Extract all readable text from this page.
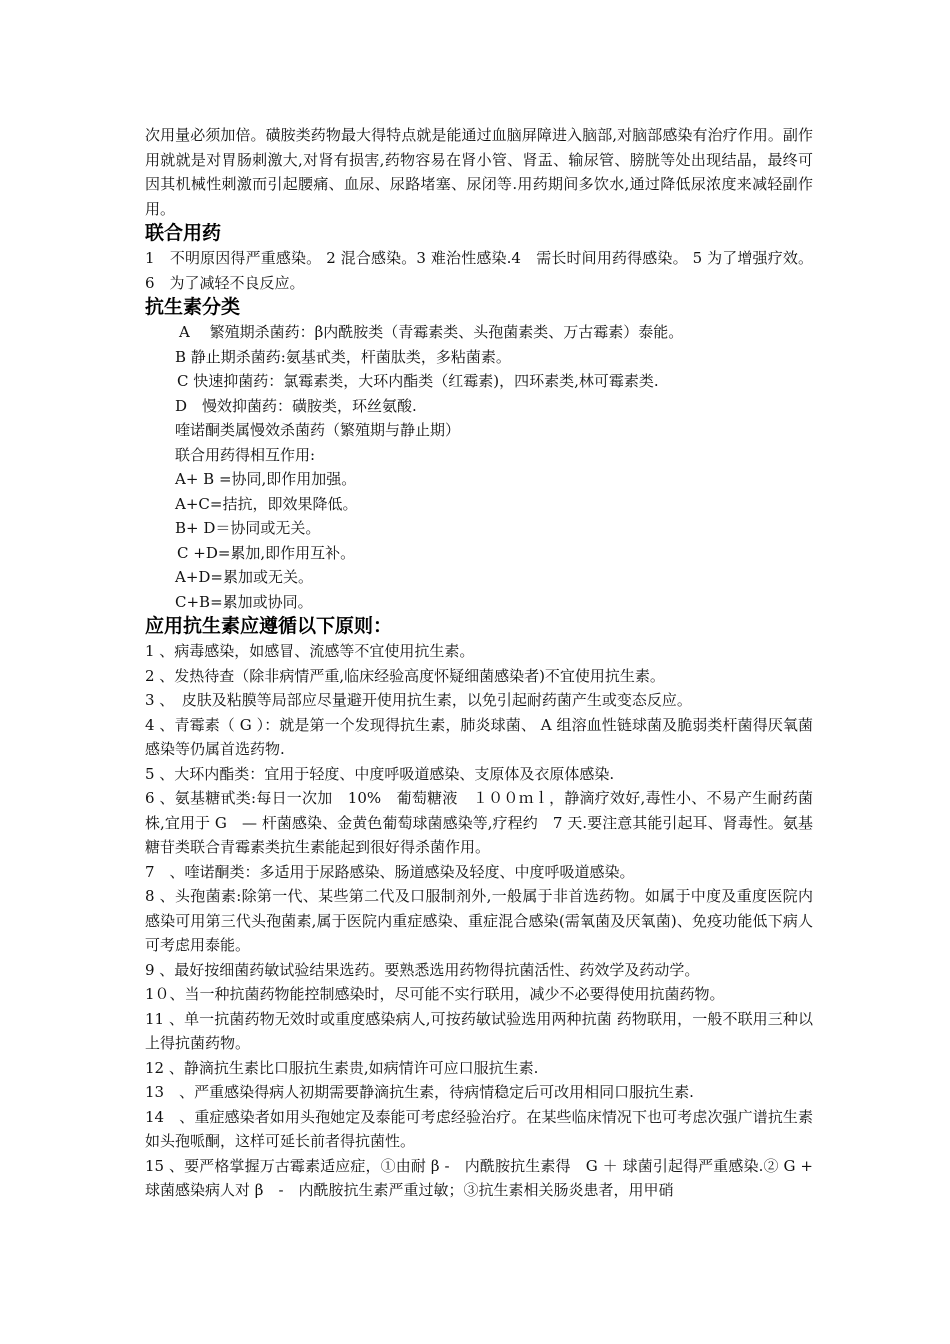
次用量必须加倍。磺胺类药物最大得特点就是能通过血脑屏障进入脑部,对脑部感染有治疗作用。副作用就就是对胃肠刺激大,对肾有损害,药物容易在肾小管、肾盂、输尿管、膀胱等处出现结晶，最终可因其机械性刺激而引起腰痛、血尿、尿路堵塞、尿闭等.用药期间多饮水,通过降低尿浓度来减轻副作用。

联合用药

1　不明原因得严重感染。 2 混合感染。3 难治性感染.4　需长时间用药得感染。 5 为了增强疗效。6　为了减轻不良反应。

抗生素分类

A　 繁殖期杀菌药：β内酰胺类（青霉素类、头孢菌素类、万古霉素）泰能。

B 静止期杀菌药:氨基甙类，杆菌肽类，多粘菌素。

C 快速抑菌药：氯霉素类，大环内酯类（红霉素)，四环素类,林可霉素类.

D　慢效抑菌药：磺胺类，环丝氨酸.

喹诺酮类属慢效杀菌药（繁殖期与静止期）

联合用药得相互作用:

A+ B =协同,即作用加强。

A+C=拮抗，即效果降低。

B+ D＝协同或无关。

C +D=累加,即作用互补。

A+D=累加或无关。

C+B=累加或协同。

应用抗生素应遵循以下原则：

1 、病毒感染，如感冒、流感等不宜使用抗生素。

2 、发热待查（除非病情严重,临床经验高度怀疑细菌感染者)不宜使用抗生素。

3 、　皮肤及粘膜等局部应尽量避开使用抗生素，以免引起耐药菌产生或变态反应。

4 、青霉素（ G ）：就是第一个发现得抗生素，肺炎球菌、 A 组溶血性链球菌及脆弱类杆菌得厌氧菌感染等仍属首选药物.

5 、大环内酯类：宜用于轻度、中度呼吸道感染、支原体及衣原体感染.

6 、氨基糖甙类:每日一次加　10%　葡萄糖液　１００ｍｌ，静滴疗效好,毒性小、不易产生耐药菌株,宜用于 G　— 杆菌感染、金黄色葡萄球菌感染等,疗程约　7 天.要注意其能引起耳、肾毒性。氨基糖苷类联合青霉素类抗生素能起到很好得杀菌作用。

7　、喹诺酮类：多适用于尿路感染、肠道感染及轻度、中度呼吸道感染。

8 、头孢菌素:除第一代、某些第二代及口服制剂外,一般属于非首选药物。如属于中度及重度医院内感染可用第三代头孢菌素,属于医院内重症感染、重症混合感染(需氧菌及厌氧菌)、免疫功能低下病人可考虑用泰能。

9 、最好按细菌药敏试验结果选药。要熟悉选用药物得抗菌活性、药效学及药动学。

1０、当一种抗菌药物能控制感染时，尽可能不实行联用，减少不必要得使用抗菌药物。

11 、单一抗菌药物无效时或重度感染病人,可按药敏试验选用两种抗菌 药物联用，一般不联用三种以上得抗菌药物。

12 、静滴抗生素比口服抗生素贵,如病情许可应口服抗生素.

13　、严重感染得病人初期需要静滴抗生素，待病情稳定后可改用相同口服抗生素.

14　、重症感染者如用头孢她定及泰能可考虑经验治疗。在某些临床情况下也可考虑次强广谱抗生素如头孢哌酮，这样可延长前者得抗菌性。

15 、要严格掌握万古霉素适应症，①由耐 β -　内酰胺抗生素得　G ＋ 球菌引起得严重感染.② G + 球菌感染病人对 β　-　内酰胺抗生素严重过敏；③抗生素相关肠炎患者，用甲硝
